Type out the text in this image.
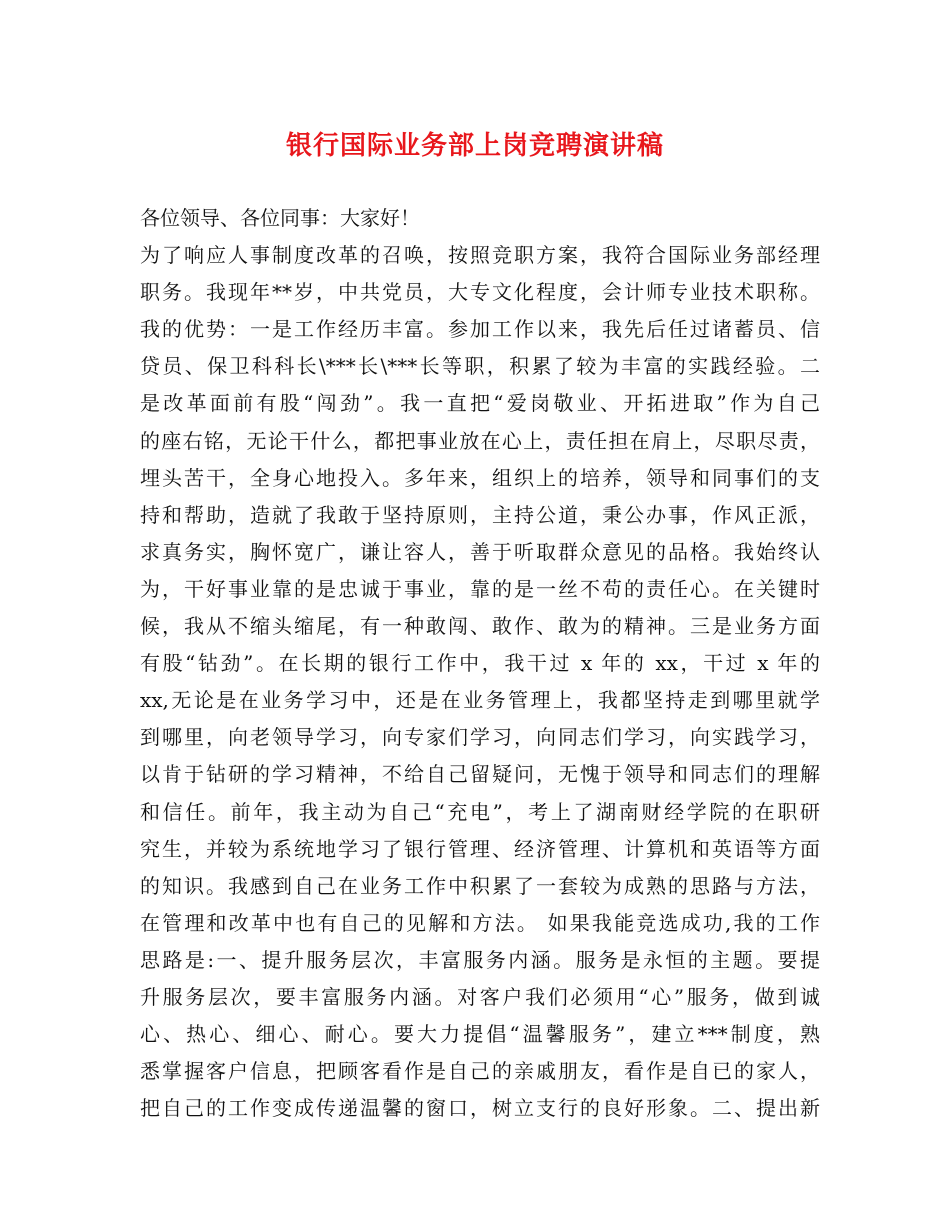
银行国际业务部上岗竞聘演讲稿
各位领导、各位同事：大家好！
为了响应人事制度改革的召唤，按照竞职方案，我符合国际业务部经理
职务。我现年**岁，中共党员，大专文化程度，会计师专业技术职称。
我的优势：一是工作经历丰富。参加工作以来，我先后任过诸蓄员、信
贷员、保卫科科长\***长\***长等职，积累了较为丰富的实践经验。二
是改革面前有股“闯劲”。我一直把“爱岗敬业、开拓进取”作为自己
的座右铭，无论干什么，都把事业放在心上，责任担在肩上，尽职尽责，
埋头苦干，全身心地投入。多年来，组织上的培养，领导和同事们的支
持和帮助，造就了我敢于坚持原则，主持公道，秉公办事，作风正派，
求真务实，胸怀宽广，谦让容人，善于听取群众意见的品格。我始终认
为，干好事业靠的是忠诚于事业，靠的是一丝不苟的责任心。在关键时
候，我从不缩头缩尾，有一种敢闯、敢作、敢为的精神。三是业务方面
有股“钻劲”。在长期的银行工作中，我干过 x 年的 xx，干过 x 年的
xx,无论是在业务学习中，还是在业务管理上，我都坚持走到哪里就学
到哪里，向老领导学习，向专家们学习，向同志们学习，向实践学习，
以肯于钻研的学习精神，不给自己留疑问，无愧于领导和同志们的理解
和信任。前年，我主动为自己“充电”，考上了湖南财经学院的在职研
究生，并较为系统地学习了银行管理、经济管理、计算机和英语等方面
的知识。我感到自己在业务工作中积累了一套较为成熟的思路与方法，
在管理和改革中也有自己的见解和方法。 如果我能竞选成功,我的工作
思路是:一、提升服务层次，丰富服务内涵。服务是永恒的主题。要提
升服务层次，要丰富服务内涵。对客户我们必须用“心”服务，做到诚
心、热心、细心、耐心。要大力提倡“温馨服务”，建立***制度，熟
悉掌握客户信息，把顾客看作是自己的亲戚朋友，看作是自已的家人，
把自己的工作变成传递温馨的窗口，树立支行的良好形象。二、提出新
